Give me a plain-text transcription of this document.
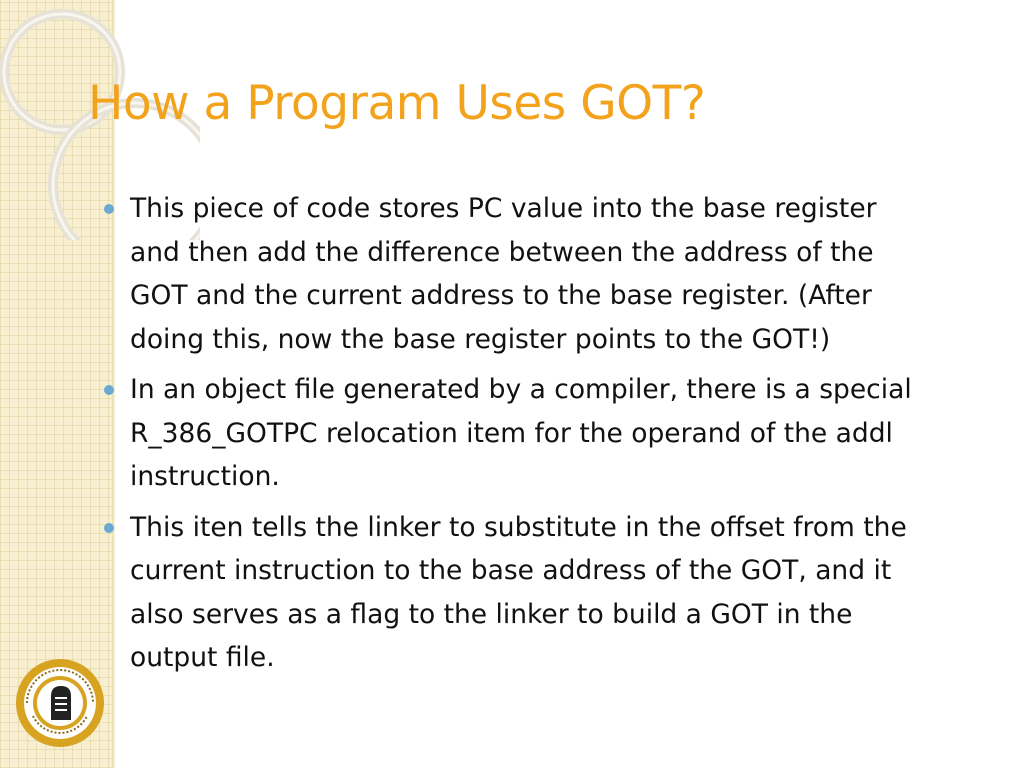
How a Program Uses GOT?
This piece of code stores PC value into the base register and then add the difference between the address of the GOT and the current address to the base register. (After doing this, now the base register points to the GOT!)
In an object file generated by a compiler, there is a special R_386_GOTPC relocation item for the operand of the addl instruction.
This iten tells the linker to substitute in the offset from the current instruction to the base address of the GOT, and it also serves as a flag to the linker to build a GOT in the output file.
